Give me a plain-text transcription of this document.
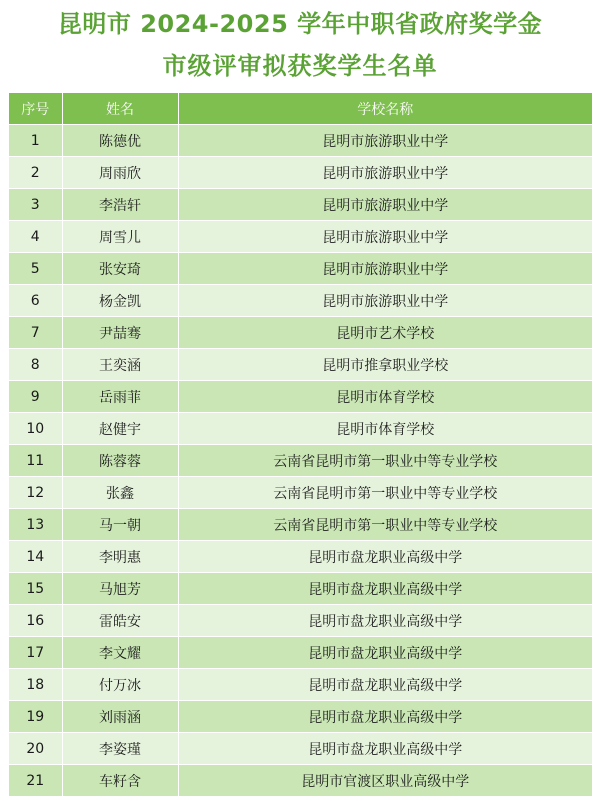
昆明市 2024-2025 学年中职省政府奖学金
市级评审拟获奖学生名单
序号	姓名	学校名称
1	陈德优	昆明市旅游职业中学
2	周雨欣	昆明市旅游职业中学
3	李浩轩	昆明市旅游职业中学
4	周雪儿	昆明市旅游职业中学
5	张安琦	昆明市旅游职业中学
6	杨金凯	昆明市旅游职业中学
7	尹喆骞	昆明市艺术学校
8	王奕涵	昆明市推拿职业学校
9	岳雨菲	昆明市体育学校
10	赵健宇	昆明市体育学校
11	陈蓉蓉	云南省昆明市第一职业中等专业学校
12	张鑫	云南省昆明市第一职业中等专业学校
13	马一朝	云南省昆明市第一职业中等专业学校
14	李明惠	昆明市盘龙职业高级中学
15	马旭芳	昆明市盘龙职业高级中学
16	雷皓安	昆明市盘龙职业高级中学
17	李文耀	昆明市盘龙职业高级中学
18	付万冰	昆明市盘龙职业高级中学
19	刘雨涵	昆明市盘龙职业高级中学
20	李姿瑾	昆明市盘龙职业高级中学
21	车籽含	昆明市官渡区职业高级中学
